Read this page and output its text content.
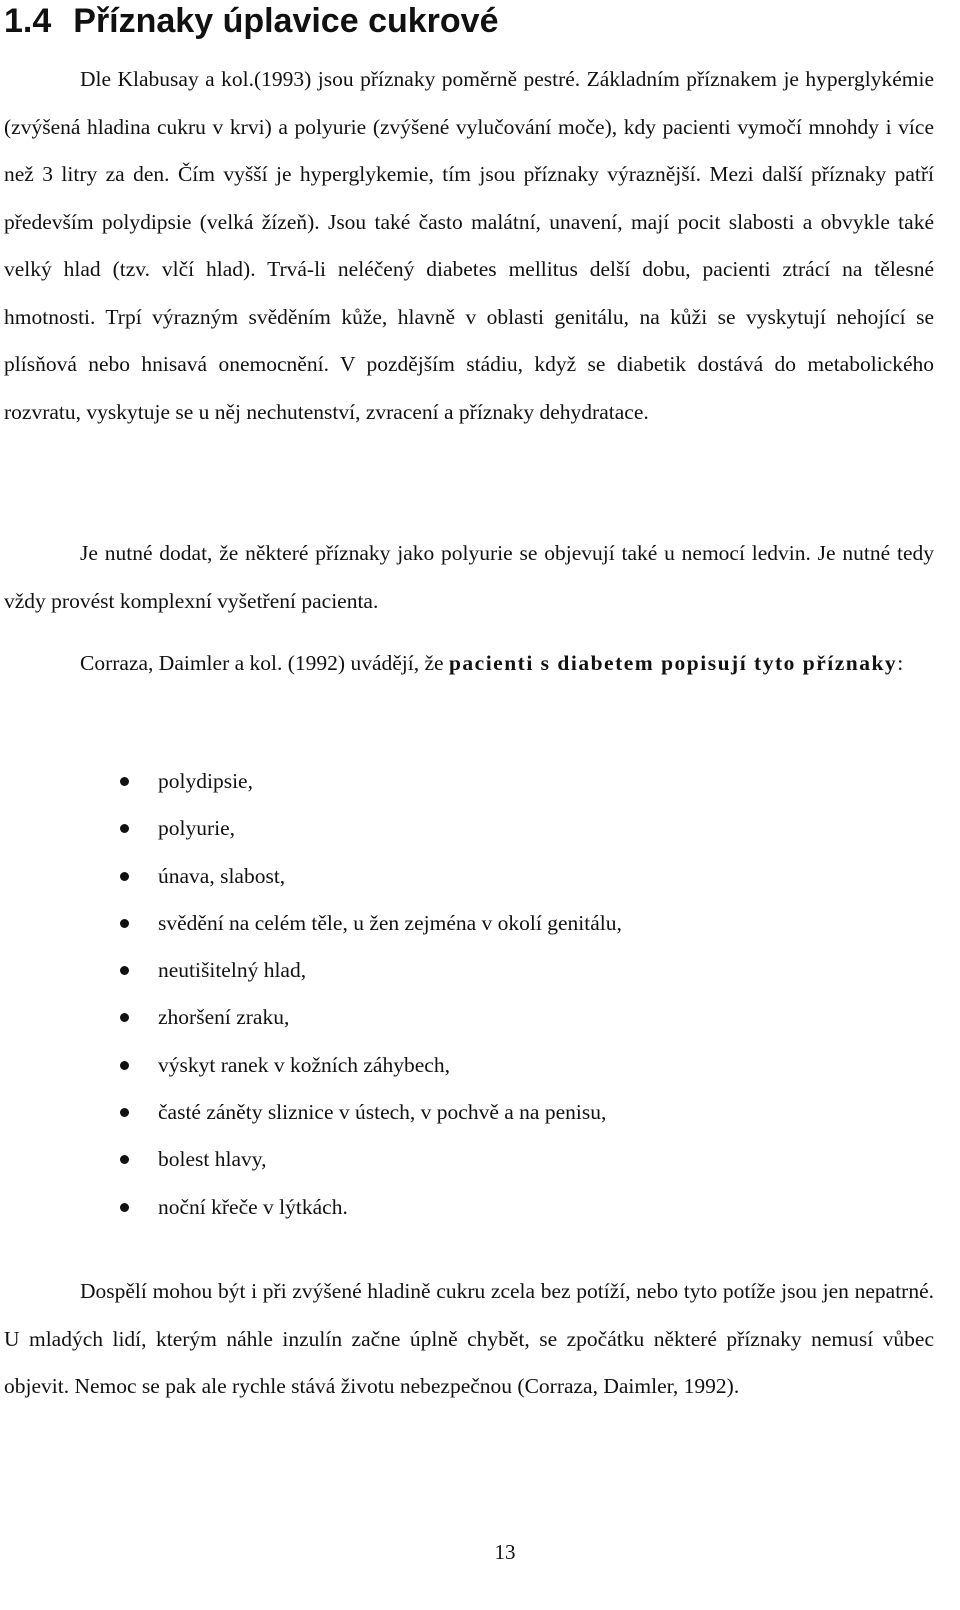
1.4 Příznaky úplavice cukrové

Dle Klabusay a kol.(1993) jsou příznaky poměrně pestré. Základním příznakem je hyperglykémie (zvýšená hladina cukru v krvi) a polyurie (zvýšené vylučování moče), kdy pacienti vymočí mnohdy i více než 3 litry za den. Čím vyšší je hyperglykemie, tím jsou příznaky výraznější. Mezi další příznaky patří především polydipsie (velká žízeň). Jsou také často malátní, unavení, mají pocit slabosti a obvykle také velký hlad (tzv. vlčí hlad). Trvá-li neléčený diabetes mellitus delší dobu, pacienti ztrácí na tělesné hmotnosti. Trpí výrazným svěděním kůže, hlavně v oblasti genitálu, na kůži se vyskytují nehojící se plísňová nebo hnisavá onemocnění. V pozdějším stádiu, když se diabetik dostává do metabolického rozvratu, vyskytuje se u něj nechutenství, zvracení a příznaky dehydratace.

Je nutné dodat, že některé příznaky jako polyurie se objevují také u nemocí ledvin. Je nutné tedy vždy provést komplexní vyšetření pacienta.

Corraza, Daimler a kol. (1992) uvádějí, že pacienti s diabetem popisují tyto příznaky:

polydipsie,
polyurie,
únava, slabost,
svědění na celém těle, u žen zejména v okolí genitálu,
neutišitelný hlad,
zhoršení zraku,
výskyt ranek v kožních záhybech,
časté záněty sliznice v ústech, v pochvě a na penisu,
bolest hlavy,
noční křeče v lýtkách.

Dospělí mohou být i při zvýšené hladině cukru zcela bez potíží, nebo tyto potíže jsou jen nepatrné. U mladých lidí, kterým náhle inzulín začne úplně chybět, se zpočátku některé příznaky nemusí vůbec objevit. Nemoc se pak ale rychle stává životu nebezpečnou (Corraza, Daimler, 1992).

13
